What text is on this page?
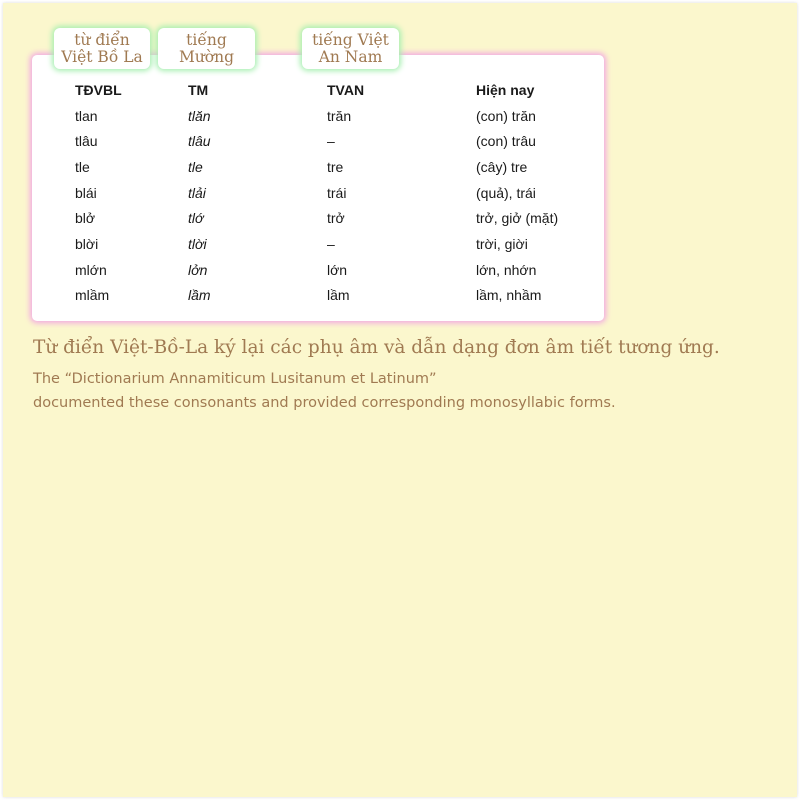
từ điển
Việt Bồ La
tiếng
Mường
tiếng Việt
An Nam
TĐVBL
tlan
tlâu
tle
blái
blở
blời
mlớn
mlầm
TM
tlăn
tlâu
tle
tlải
tlớ
tlời
lởn
lầm
TVAN
trăn
–
tre
trái
trở
–
lớn
lầm
Hiện nay
(con) trăn
(con) trâu
(cây) tre
(quả), trái
trở, giở (mặt)
trời, giời
lớn, nhớn
lầm, nhầm
Từ điển Việt-Bồ-La ký lại các phụ âm và dẫn dạng đơn âm tiết tương ứng.
The “Dictionarium Annamiticum Lusitanum et Latinum”
documented these consonants and provided corresponding monosyllabic forms.
